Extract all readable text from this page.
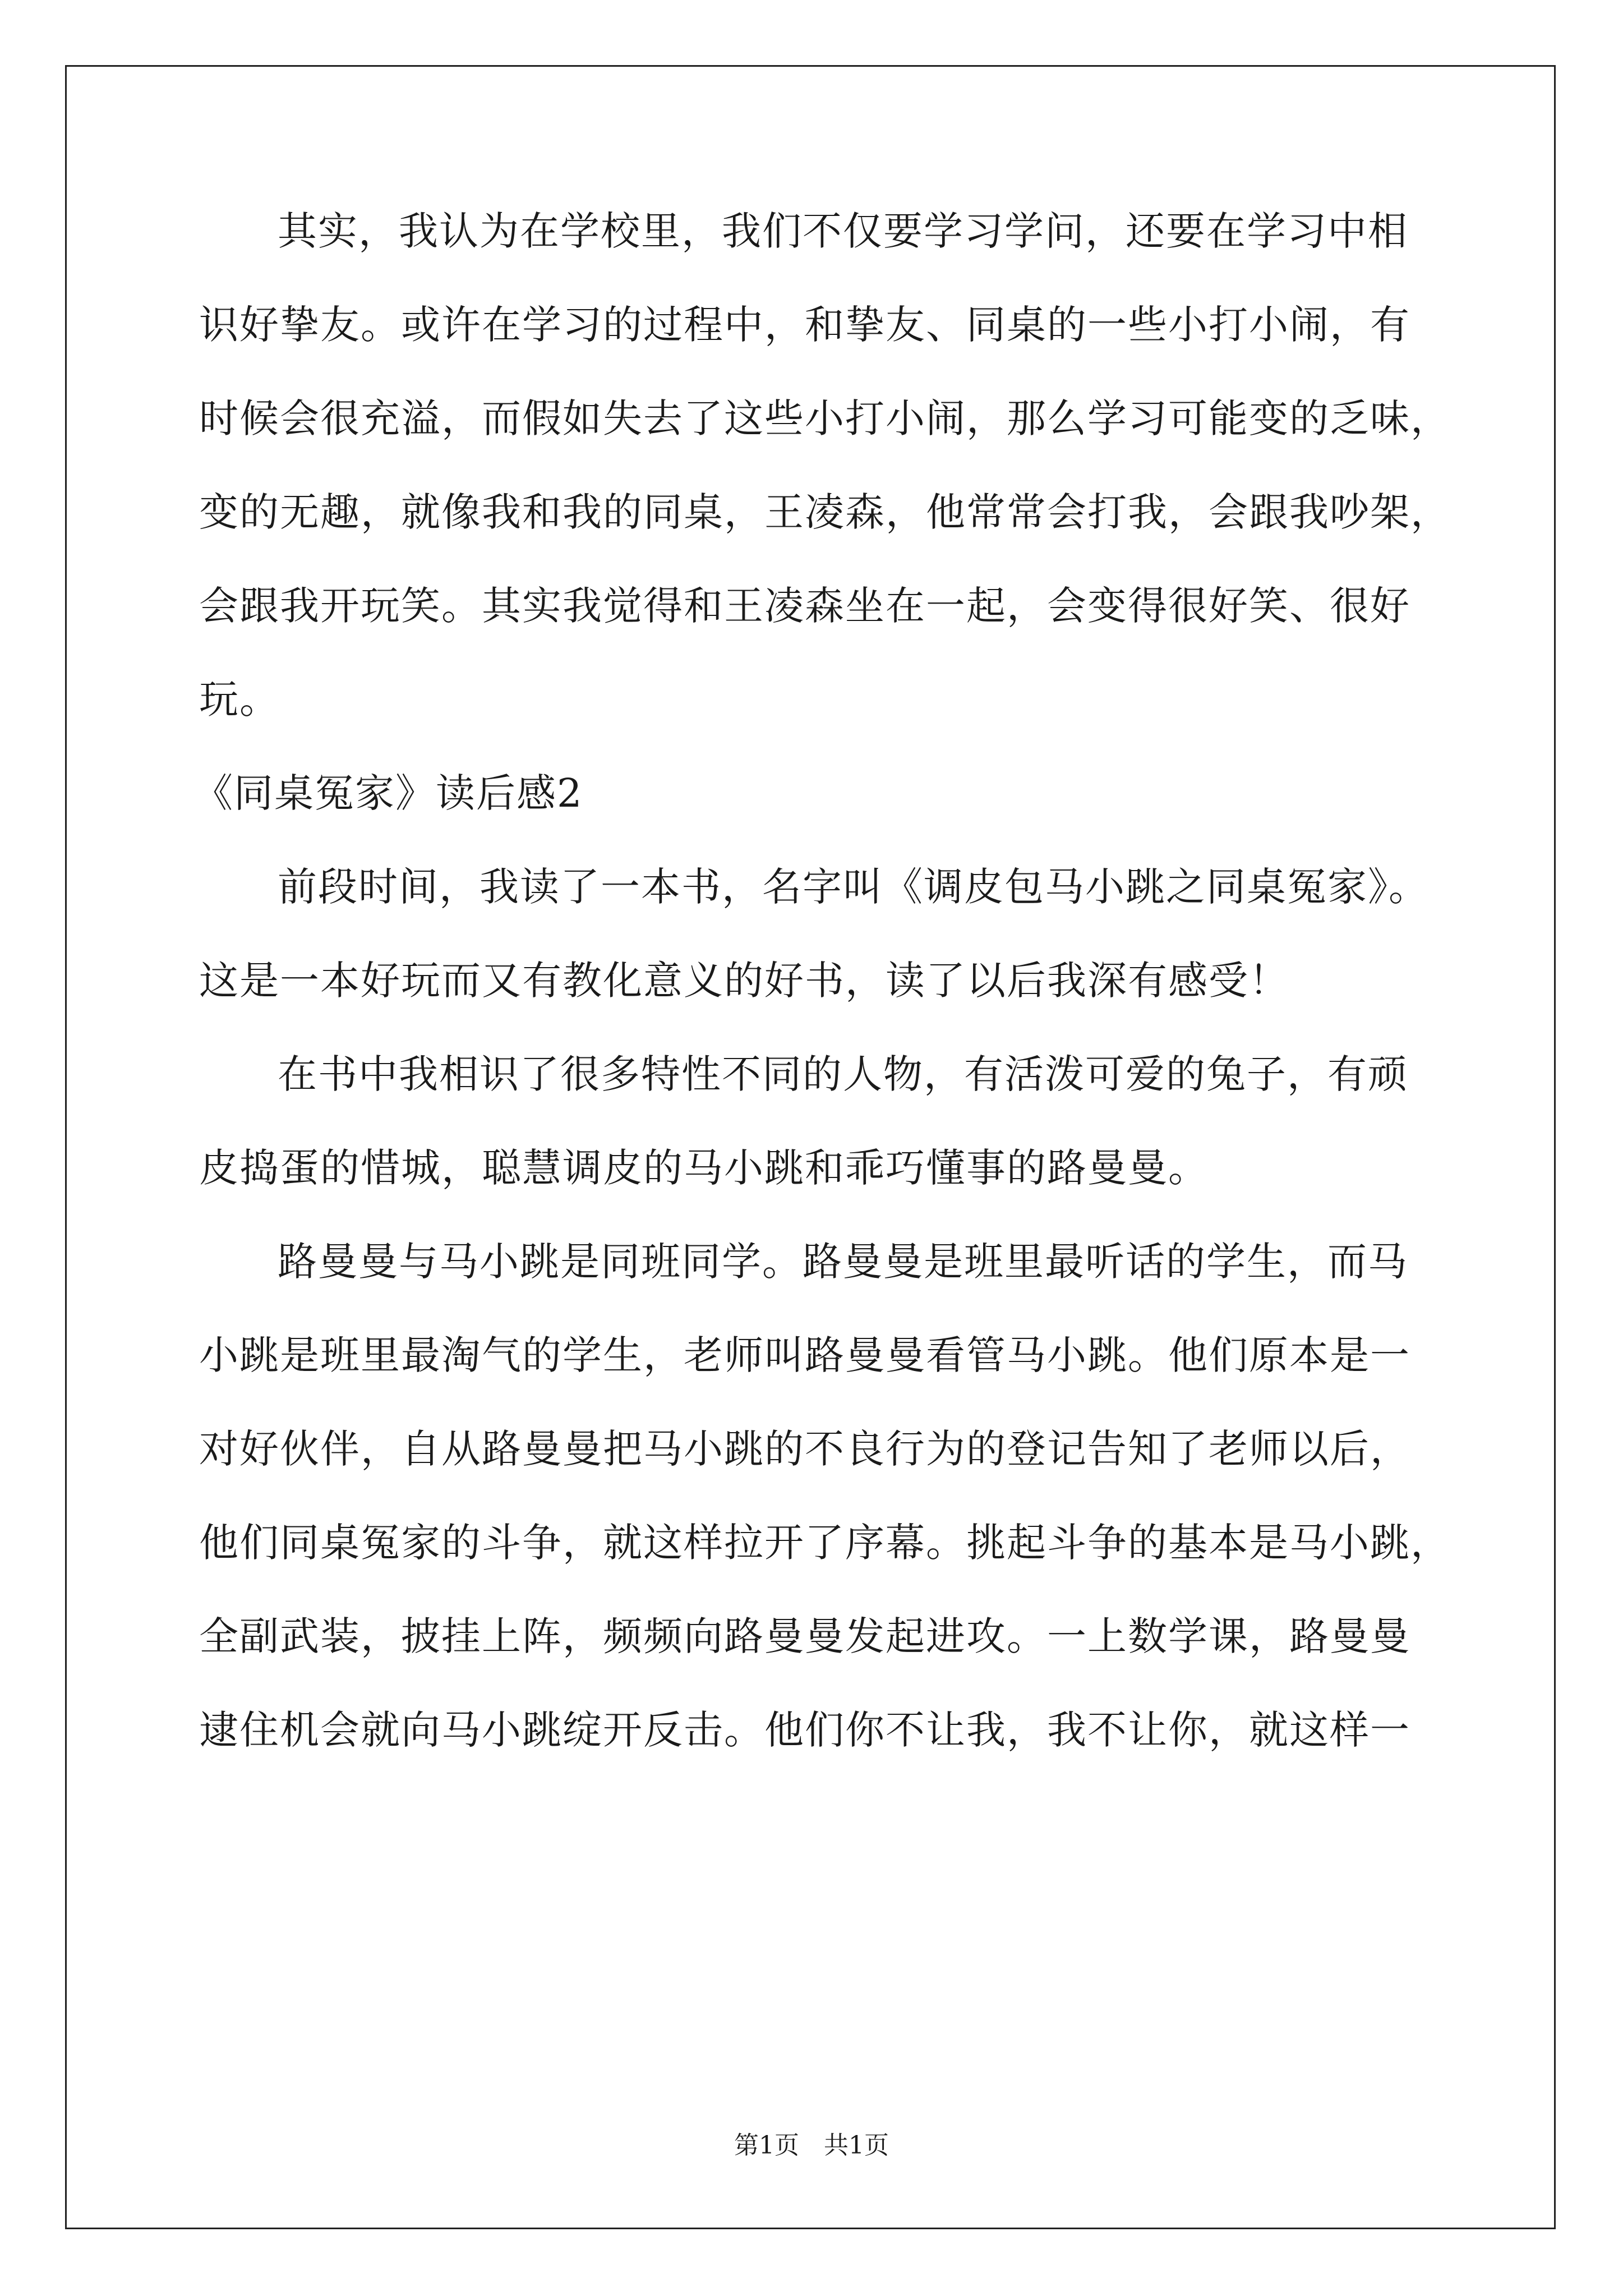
其实，我认为在学校里，我们不仅要学习学问，还要在学习中相
识好挚友。或许在学习的过程中，和挚友、同桌的一些小打小闹，有
时候会很充溢，而假如失去了这些小打小闹，那么学习可能变的乏味，
变的无趣，就像我和我的同桌，王凌森，他常常会打我，会跟我吵架，
会跟我开玩笑。其实我觉得和王凌森坐在一起，会变得很好笑、很好
玩。
《同桌冤家》读后感2
前段时间，我读了一本书，名字叫《调皮包马小跳之同桌冤家》。
这是一本好玩而又有教化意义的好书，读了以后我深有感受！
在书中我相识了很多特性不同的人物，有活泼可爱的兔子，有顽
皮捣蛋的惜城，聪慧调皮的马小跳和乖巧懂事的路曼曼。
路曼曼与马小跳是同班同学。路曼曼是班里最听话的学生，而马
小跳是班里最淘气的学生，老师叫路曼曼看管马小跳。他们原本是一
对好伙伴，自从路曼曼把马小跳的不良行为的登记告知了老师以后，
他们同桌冤家的斗争，就这样拉开了序幕。挑起斗争的基本是马小跳，
全副武装，披挂上阵，频频向路曼曼发起进攻。一上数学课，路曼曼
逮住机会就向马小跳绽开反击。他们你不让我，我不让你，就这样一
第1页　共1页
